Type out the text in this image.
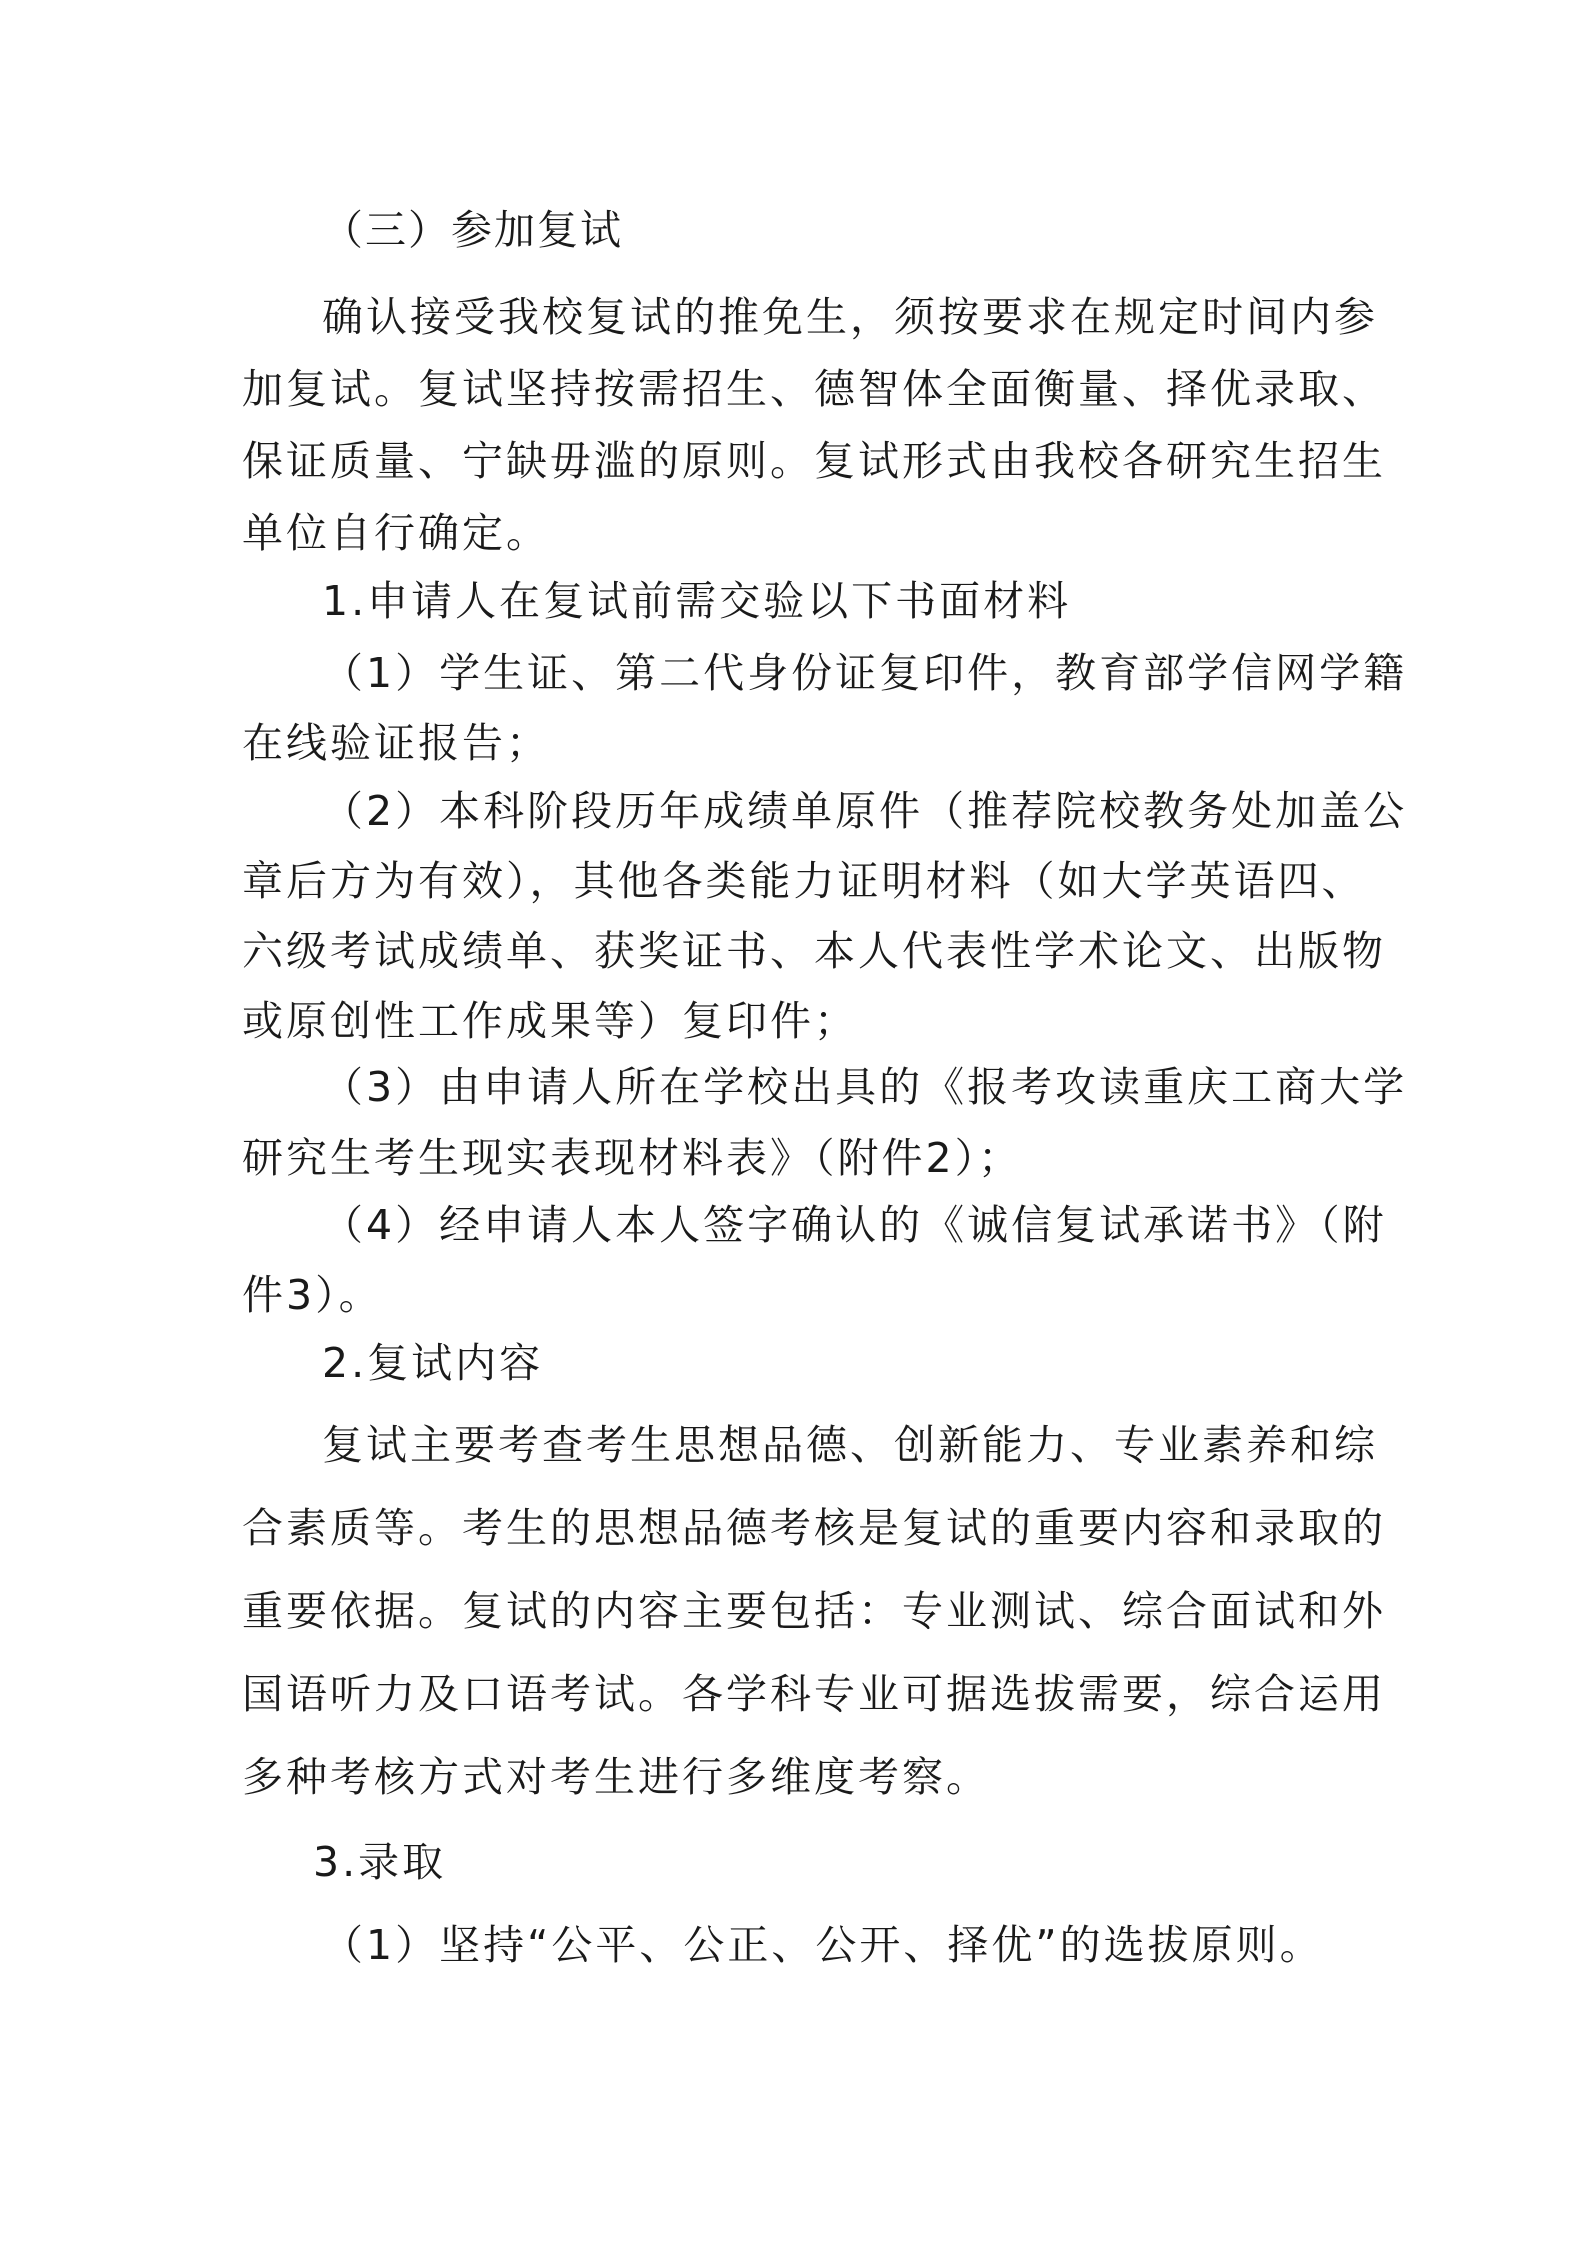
（三）参加复试
确认接受我校复试的推免生，须按要求在规定时间内参
加复试。复试坚持按需招生、德智体全面衡量、择优录取、
保证质量、宁缺毋滥的原则。复试形式由我校各研究生招生
单位自行确定。
1.申请人在复试前需交验以下书面材料
（1）学生证、第二代身份证复印件，教育部学信网学籍
在线验证报告；
（2）本科阶段历年成绩单原件（推荐院校教务处加盖公
章后方为有效），其他各类能力证明材料（如大学英语四、
六级考试成绩单、获奖证书、本人代表性学术论文、出版物
或原创性工作成果等）复印件；
（3）由申请人所在学校出具的《报考攻读重庆工商大学
研究生考生现实表现材料表》（附件2）；
（4）经申请人本人签字确认的《诚信复试承诺书》（附
件3）。
2.复试内容
复试主要考查考生思想品德、创新能力、专业素养和综
合素质等。考生的思想品德考核是复试的重要内容和录取的
重要依据。复试的内容主要包括：专业测试、综合面试和外
国语听力及口语考试。各学科专业可据选拔需要，综合运用
多种考核方式对考生进行多维度考察。
3.录取
（1）坚持“公平、公正、公开、择优”的选拔原则。
